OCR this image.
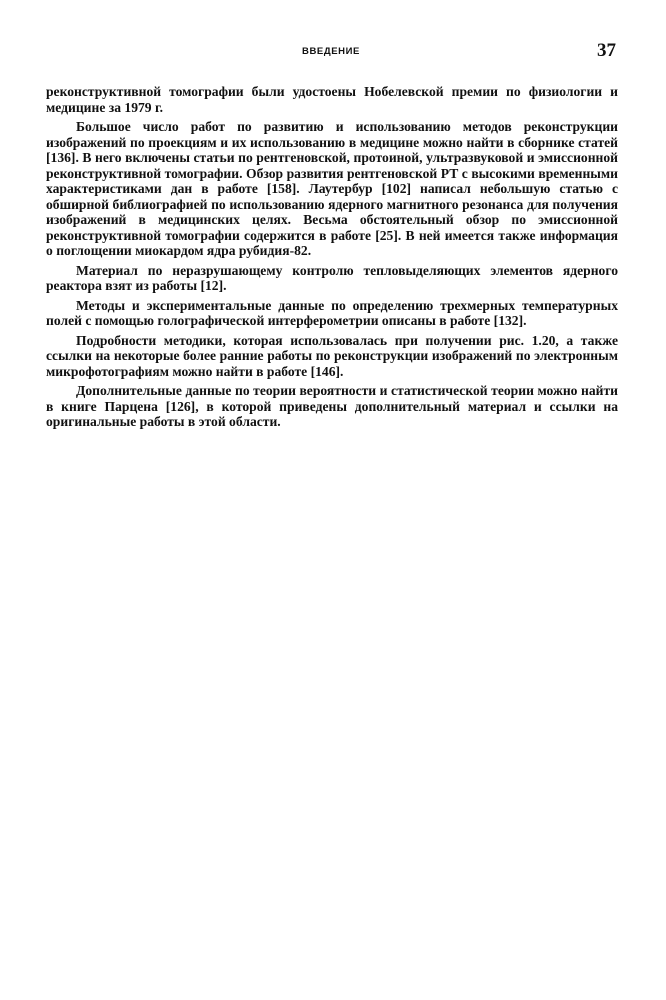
ВВЕДЕНИЕ	37

реконструктивной томографии были удостоены Нобелевской премии по физиологии и медицине за 1979 г.

Большое число работ по развитию и использованию методов реконструкции изображений по проекциям и их использованию в медицине можно найти в сборнике статей [136]. В него включены статьи по рентгеновской, протоиной, ультразвуковой и эмиссионной реконструктивной томографии. Обзор развития рентгеновской РТ с высокими временными характеристиками дан в работе [158]. Лаутербур [102] написал небольшую статью с обширной библиографией по использованию ядерного магнитного резонанса для получения изображений в медицинских целях. Весьма обстоятельный обзор по эмиссионной реконструктивной томографии содержится в работе [25]. В ней имеется также информация о поглощении миокардом ядра рубидия-82.

Материал по неразрушающему контролю тепловыделяющих элементов ядерного реактора взят из работы [12].

Методы и экспериментальные данные по определению трехмерных температурных полей с помощью голографической интерферометрии описаны в работе [132].

Подробности методики, которая использовалась при получении рис. 1.20, а также ссылки на некоторые более ранние работы по реконструкции изображений по электронным микрофотографиям можно найти в работе [146].

Дополнительные данные по теории вероятности и статистической теории можно найти в книге Парцена [126], в которой приведены дополнительный материал и ссылки на оригинальные работы в этой области.
